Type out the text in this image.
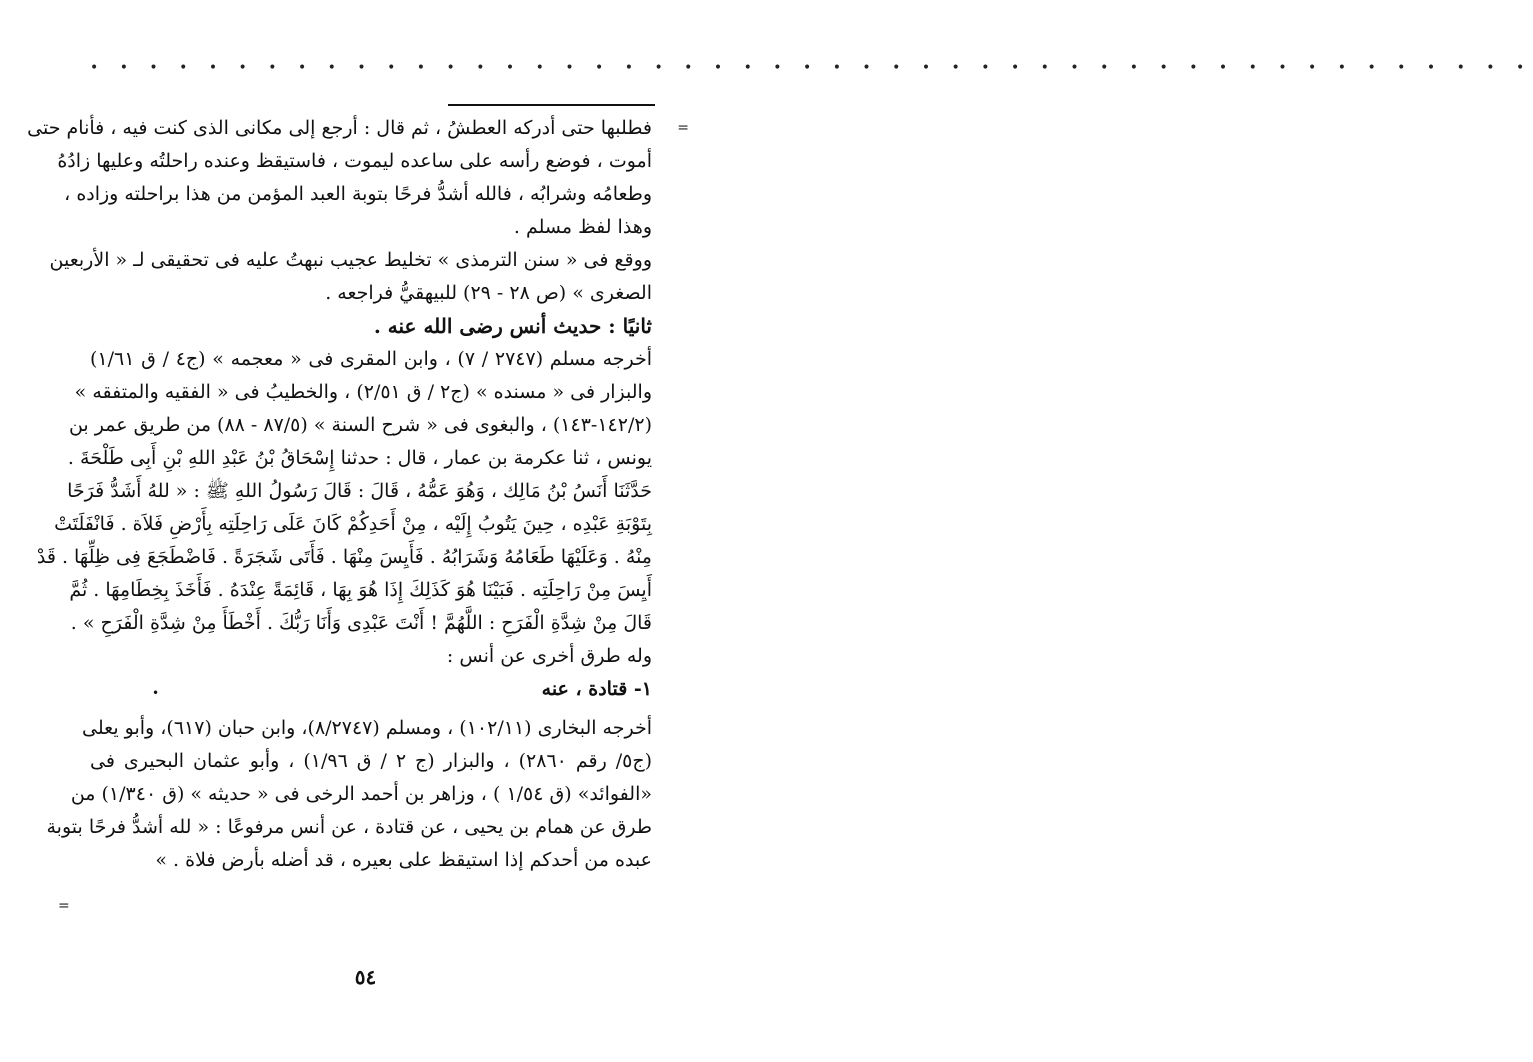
• • • • • • • • • • • • • • • • • • • • • • • • • • • • • • • • • • • • • • • • • • • • • • • • •
=
=
•
فطلبها حتى أدركه العطشُ ، ثم قال : أرجع إلى مكانى الذى كنت فيه ، فأنام حتى
أموت ، فوضع رأسه على ساعده ليموت ، فاستيقظ وعنده راحلتُه وعليها زادُهُ
وطعامُه وشرابُه ، فالله أشدُّ فرحًا بتوبة العبد المؤمن من هذا براحلته وزاده ،
وهذا لفظ مسلم .
ووقع فى « سنن الترمذى » تخليط عجيب نبهتُ عليه فى تحقيقى لـ « الأربعين
الصغرى » (ص ٢٨ - ٢٩) للبيهقيُّ فراجعه .
ثانيًا : حديث أنس رضى الله عنه .
أخرجه مسلم (٢٧٤٧ / ٧) ، وابن المقرى فى « معجمه » (ج٤ / ق ١/٦١)
والبزار فى « مسنده » (ج٢ / ق ٢/٥١) ، والخطيبُ فى « الفقيه والمتفقه »
(١٤٢/٢-١٤٣) ، والبغوى فى « شرح السنة » (٨٧/٥ - ٨٨) من طريق عمر بن
يونس ، ثنا عكرمة بن عمار ، قال : حدثنا إِسْحَاقُ بْنُ عَبْدِ اللهِ بْنِ أَبِى طَلْحَةَ .
حَدَّثَنَا أَنَسُ بْنُ مَالِك ، وَهُوَ عَمُّهُ ، قَالَ : قَالَ رَسُولُ اللهِ ﷺ : « للهُ أَشَدُّ فَرَحًا
بِتَوْبَةِ عَبْدِه ، حِينَ يَتُوبُ إِلَيْه ، مِنْ أَحَدِكُمْ كَانَ عَلَى رَاحِلَتِه بِأَرْضِ فَلاَة . فَانْفَلَتَتْ
مِنْهُ . وَعَلَيْهَا طَعَامُهُ وَشَرَابُهُ . فَأَيِسَ مِنْهَا . فَأَتَى شَجَرَةً . فَاضْطَجَعَ فِى ظِلِّهَا . قَدْ
أَيِسَ مِنْ رَاحِلَتِه . فَبَيْنَا هُوَ كَذَلِكَ إِذَا هُوَ بِهَا ، قَائِمَةً عِنْدَهُ . فَأَخَذَ بِخِطَامِهَا . ثُمَّ
قَالَ مِنْ شِدَّةِ الْفَرَحِ : اللَّهُمَّ ! أَنْتَ عَبْدِى وَأَنَا رَبُّكَ . أَخْطَأَ مِنْ شِدَّةِ الْفَرَحِ » .
وله طرق أخرى عن أنس :
١- قتادة ، عنه
أخرجه البخارى (١٠٢/١١) ، ومسلم (٨/٢٧٤٧)، وابن حبان (٦١٧)، وأبو يعلى
(ج٥/ رقم ٢٨٦٠) ، والبزار (ج ٢ / ق ١/٩٦) ، وأبو عثمان البحيرى فى
«الفوائد» (ق ١/٥٤ ) ، وزاهر بن أحمد الرخى فى « حديثه » (ق ١/٣٤٠) من
طرق عن همام بن يحيى ، عن قتادة ، عن أنس مرفوعًا : « لله أشدُّ فرحًا بتوبة
عبده من أحدكم إذا استيقظ على بعيره ، قد أضله بأرض فلاة . »
٥٤
